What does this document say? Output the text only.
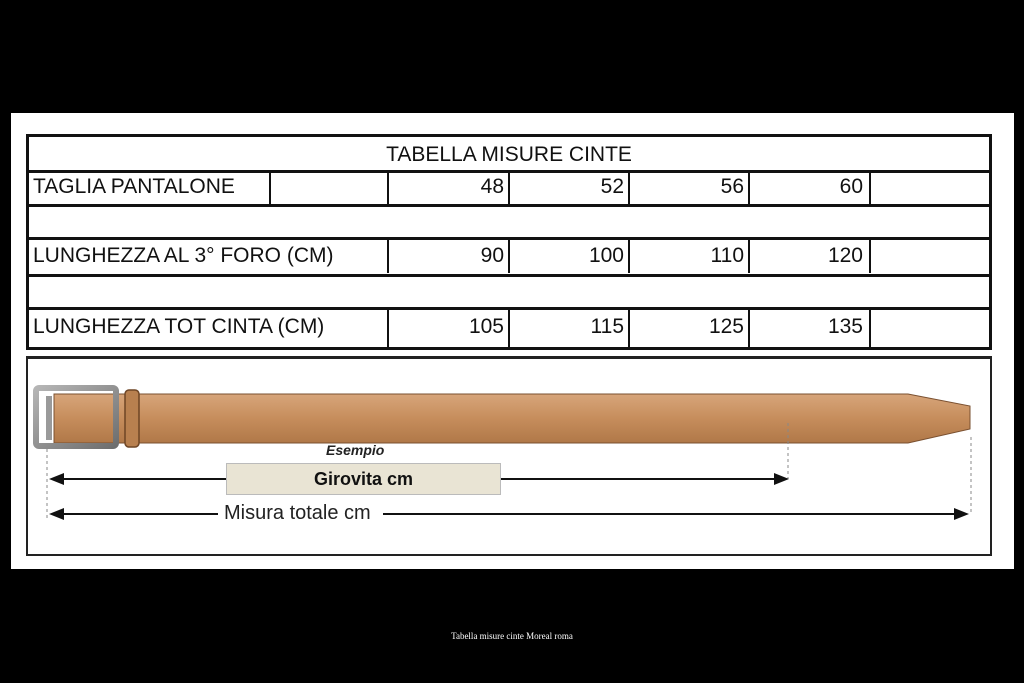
TABELLA MISURE CINTE
TAGLIA PANTALONE	48	52	56	60
LUNGHEZZA AL 3° FORO (CM)	90	100	110	120
LUNGHEZZA TOT CINTA (CM)	105	115	125	135
Esempio
Girovita cm
Misura totale cm
Tabella misure cinte Moreal roma
